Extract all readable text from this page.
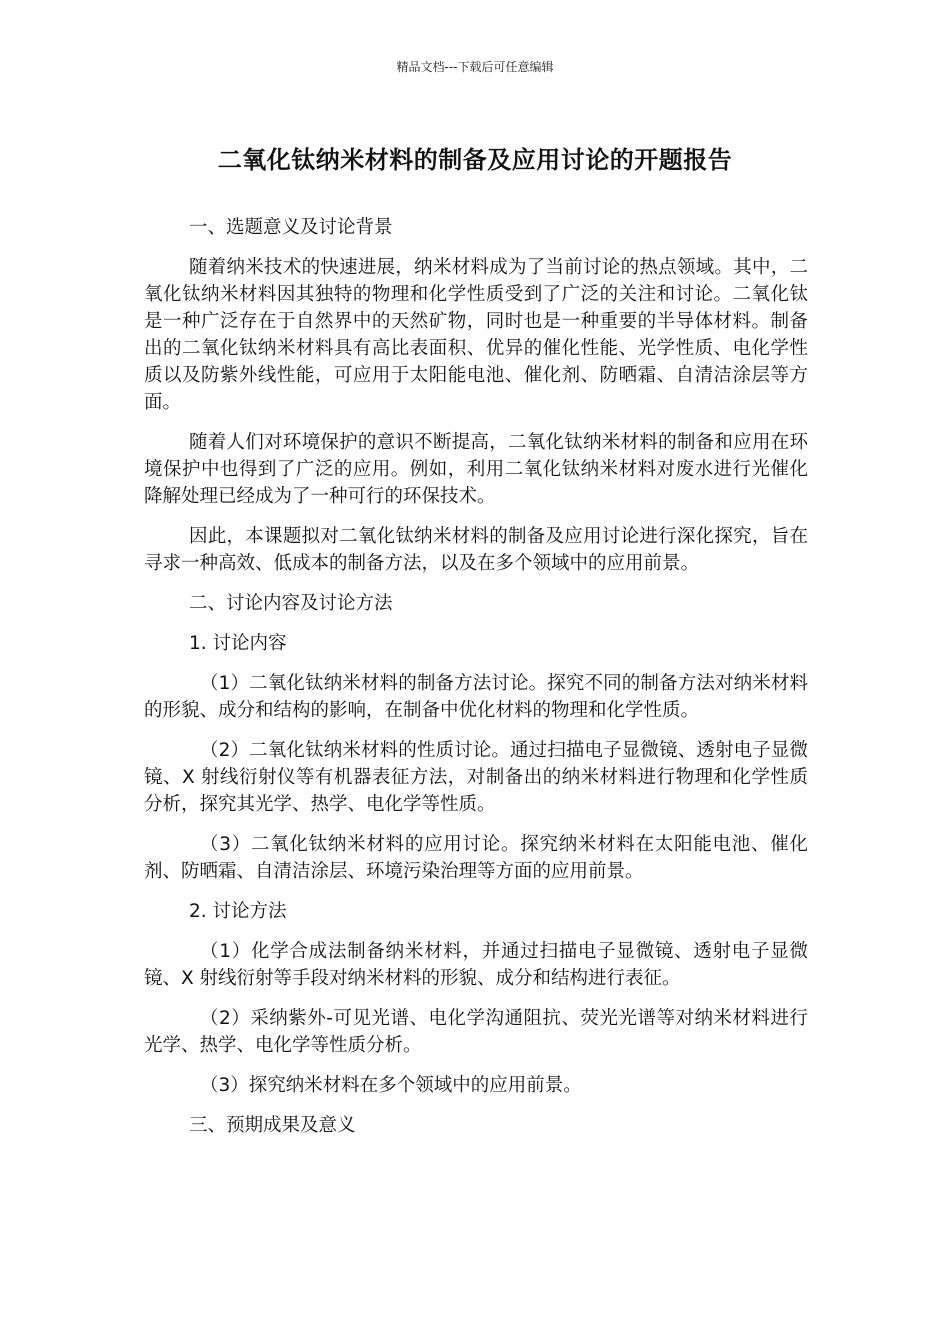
精品文档---下载后可任意编辑
二氧化钛纳米材料的制备及应用讨论的开题报告

一、选题意义及讨论背景

随着纳米技术的快速进展，纳米材料成为了当前讨论的热点领域。其中，二氧化钛纳米材料因其独特的物理和化学性质受到了广泛的关注和讨论。二氧化钛是一种广泛存在于自然界中的天然矿物，同时也是一种重要的半导体材料。制备出的二氧化钛纳米材料具有高比表面积、优异的催化性能、光学性质、电化学性质以及防紫外线性能，可应用于太阳能电池、催化剂、防晒霜、自清洁涂层等方面。

随着人们对环境保护的意识不断提高，二氧化钛纳米材料的制备和应用在环境保护中也得到了广泛的应用。例如，利用二氧化钛纳米材料对废水进行光催化降解处理已经成为了一种可行的环保技术。

因此，本课题拟对二氧化钛纳米材料的制备及应用讨论进行深化探究，旨在寻求一种高效、低成本的制备方法，以及在多个领域中的应用前景。

二、讨论内容及讨论方法

1. 讨论内容

（1）二氧化钛纳米材料的制备方法讨论。探究不同的制备方法对纳米材料的形貌、成分和结构的影响，在制备中优化材料的物理和化学性质。

（2）二氧化钛纳米材料的性质讨论。通过扫描电子显微镜、透射电子显微镜、X 射线衍射仪等有机器表征方法，对制备出的纳米材料进行物理和化学性质分析，探究其光学、热学、电化学等性质。

（3）二氧化钛纳米材料的应用讨论。探究纳米材料在太阳能电池、催化剂、防晒霜、自清洁涂层、环境污染治理等方面的应用前景。

2. 讨论方法

（1）化学合成法制备纳米材料，并通过扫描电子显微镜、透射电子显微镜、X 射线衍射等手段对纳米材料的形貌、成分和结构进行表征。

（2）采纳紫外-可见光谱、电化学沟通阻抗、荧光光谱等对纳米材料进行光学、热学、电化学等性质分析。

（3）探究纳米材料在多个领域中的应用前景。

三、预期成果及意义
